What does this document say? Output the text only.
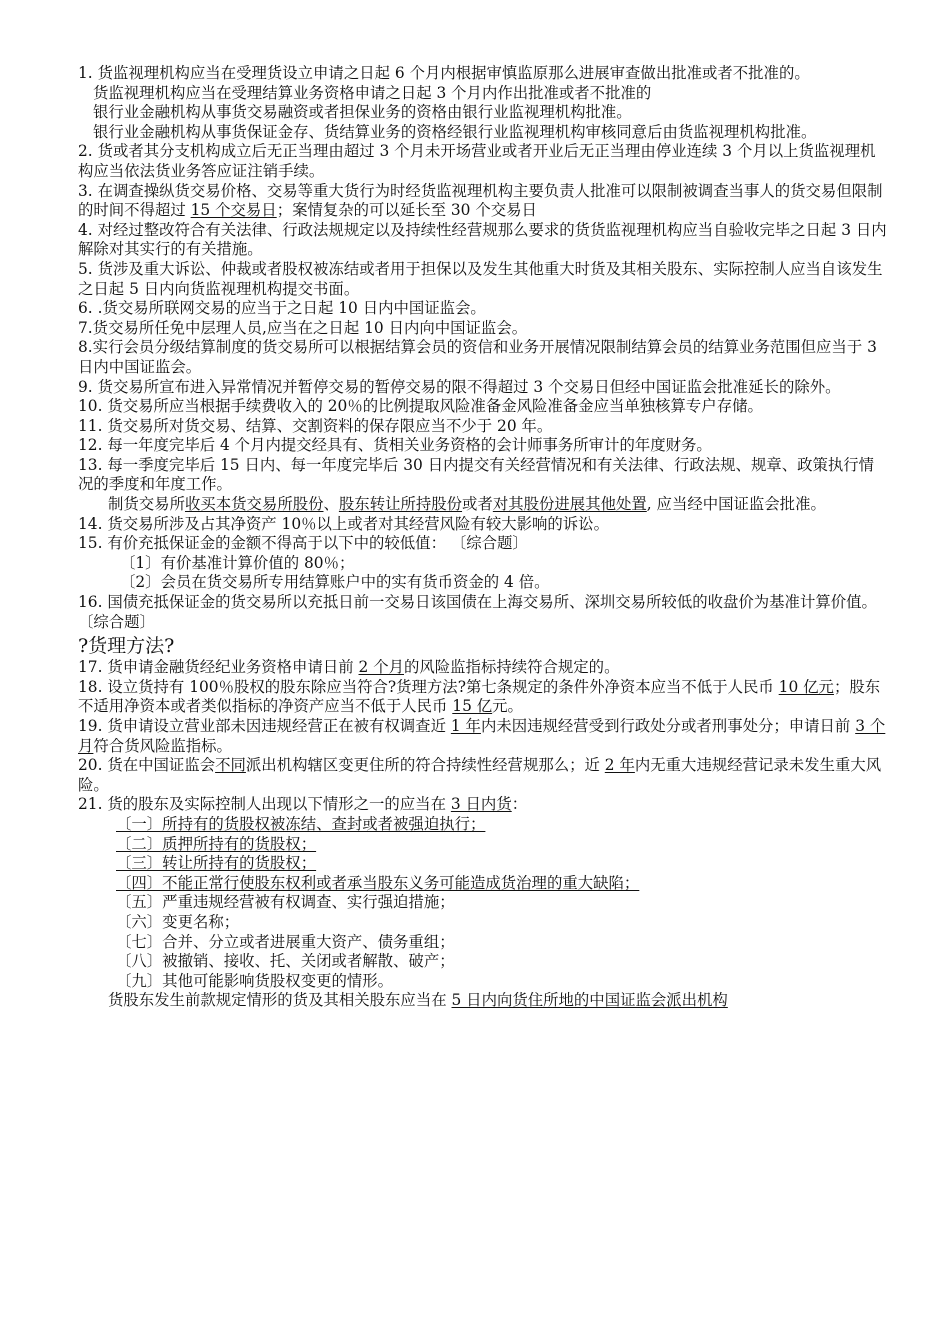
1. 货监视理机构应当在受理货设立申请之日起 6 个月内根据审慎监原那么进展审查做出批准或者不批准的。

货监视理机构应当在受理结算业务资格申请之日起 3 个月内作出批准或者不批准的

银行业金融机构从事货交易融资或者担保业务的资格由银行业监视理机构批准。

银行业金融机构从事货保证金存、货结算业务的资格经银行业监视理机构审核同意后由货监视理机构批准。

2. 货或者其分支机构成立后无正当理由超过 3 个月未开场营业或者开业后无正当理由停业连续 3 个月以上货监视理机构应当依法货业务答应证注销手续。

3. 在调查操纵货交易价格、交易等重大货行为时经货监视理机构主要负责人批准可以限制被调查当事人的货交易但限制的时间不得超过 15 个交易日；案情复杂的可以延长至 30 个交易日

4. 对经过整改符合有关法律、行政法规规定以及持续性经营规那么要求的货货监视理机构应当自验收完毕之日起 3 日内解除对其实行的有关措施。

5. 货涉及重大诉讼、仲裁或者股权被冻结或者用于担保以及发生其他重大时货及其相关股东、实际控制人应当自该发生之日起 5 日内向货监视理机构提交书面。

6. .货交易所联网交易的应当于之日起 10 日内中国证监会。

7.货交易所任免中层理人员,应当在之日起 10 日内向中国证监会。

8.实行会员分级结算制度的货交易所可以根据结算会员的资信和业务开展情况限制结算会员的结算业务范围但应当于 3 日内中国证监会。

9. 货交易所宣布进入异常情况并暂停交易的暂停交易的限不得超过 3 个交易日但经中国证监会批准延长的除外。

10. 货交易所应当根据手续费收入的 20％的比例提取风险准备金风险准备金应当单独核算专户存储。

11. 货交易所对货交易、结算、交割资料的保存限应当不少于 20 年。

12. 每一年度完毕后 4 个月内提交经具有、货相关业务资格的会计师事务所审计的年度财务。

13. 每一季度完毕后 15 日内、每一年度完毕后 30 日内提交有关经营情况和有关法律、行政法规、规章、政策执行情况的季度和年度工作。

制货交易所收买本货交易所股份、股东转让所持股份或者对其股份进展其他处置, 应当经中国证监会批准。

14. 货交易所涉及占其净资产 10％以上或者对其经营风险有较大影响的诉讼。

15. 有价充抵保证金的金额不得高于以下中的较低值： 〔综合题〕

〔1〕有价基准计算价值的 80％；

〔2〕会员在货交易所专用结算账户中的实有货币资金的 4 倍。

16. 国债充抵保证金的货交易所以充抵日前一交易日该国债在上海交易所、深圳交易所较低的收盘价为基准计算价值。〔综合题〕

?货理方法?

17. 货申请金融货经纪业务资格申请日前 2 个月的风险监指标持续符合规定的。

18. 设立货持有 100％股权的股东除应当符合?货理方法?第七条规定的条件外净资本应当不低于人民币 10 亿元；股东不适用净资本或者类似指标的净资产应当不低于人民币 15 亿元。

19. 货申请设立营业部未因违规经营正在被有权调查近 1 年内未因违规经营受到行政处分或者刑事处分；申请日前 3 个月符合货风险监指标。

20. 货在中国证监会不同派出机构辖区变更住所的符合持续性经营规那么；近 2 年内无重大违规经营记录未发生重大风险。

21. 货的股东及实际控制人出现以下情形之一的应当在 3 日内货：

〔一〕所持有的货股权被冻结、查封或者被强迫执行；

〔二〕质押所持有的货股权；

〔三〕转让所持有的货股权；

〔四〕不能正常行使股东权利或者承当股东义务可能造成货治理的重大缺陷；

〔五〕严重违规经营被有权调查、实行强迫措施；

〔六〕变更名称；

〔七〕合并、分立或者进展重大资产、债务重组；

〔八〕被撤销、接收、托、关闭或者解散、破产；

〔九〕其他可能影响货股权变更的情形。

货股东发生前款规定情形的货及其相关股东应当在 5 日内向货住所地的中国证监会派出机构
